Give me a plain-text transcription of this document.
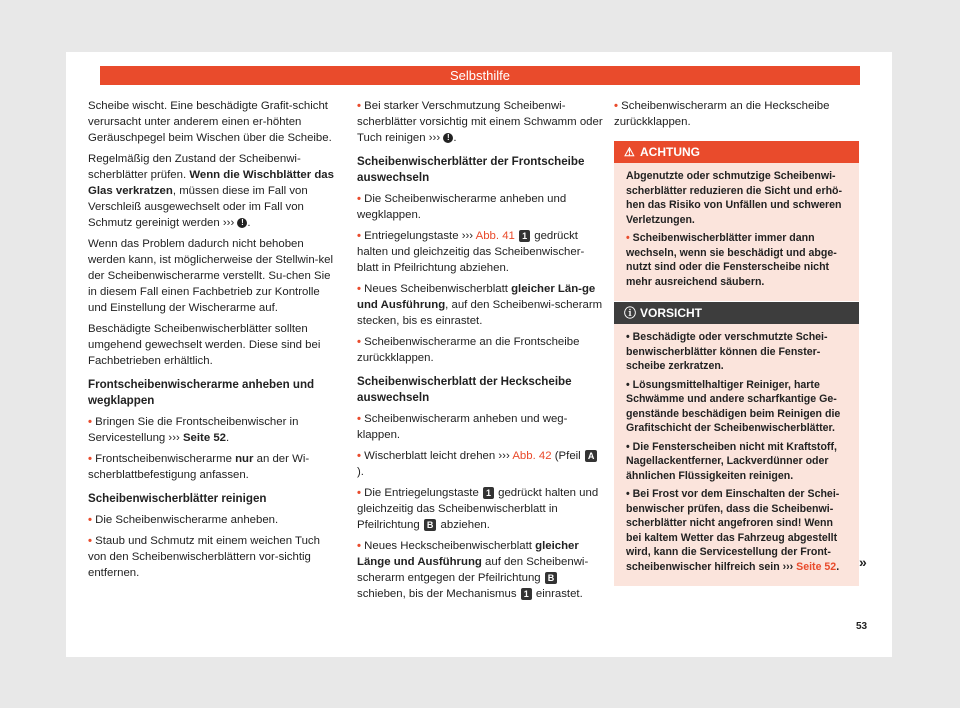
Selbsthilfe

Scheibe wischt. Eine beschädigte Grafit-schicht verursacht unter anderem einen er-höhten Geräuschpegel beim Wischen über die Scheibe.

Regelmäßig den Zustand der Scheibenwi-scherblätter prüfen. Wenn die Wischblätter das Glas verkratzen, müssen diese im Fall von Verschleiß ausgewechselt oder im Fall von Schmutz gereinigt werden ››› ! .

Wenn das Problem dadurch nicht behoben werden kann, ist möglicherweise der Stellwin-kel der Scheibenwischerarme verstellt. Su-chen Sie in diesem Fall einen Fachbetrieb zur Kontrolle und Einstellung der Wischerarme auf.

Beschädigte Scheibenwischerblätter sollten umgehend gewechselt werden. Diese sind bei Fachbetrieben erhältlich.

Frontscheibenwischerarme anheben und wegklappen

• Bringen Sie die Frontscheibenwischer in Servicestellung ››› Seite 52.

• Frontscheibenwischerarme nur an der Wi-scherblattbefestigung anfassen.

Scheibenwischerblätter reinigen

• Die Scheibenwischerarme anheben.

• Staub und Schmutz mit einem weichen Tuch von den Scheibenwischerblättern vor-sichtig entfernen.

• Bei starker Verschmutzung Scheibenwi-scherblätter vorsichtig mit einem Schwamm oder Tuch reinigen ››› ! .

Scheibenwischerblätter der Frontscheibe auswechseln

• Die Scheibenwischerarme anheben und wegklappen.

• Entriegelungstaste ››› Abb. 41 1 gedrückt halten und gleichzeitig das Scheibenwischer-blatt in Pfeilrichtung abziehen.

• Neues Scheibenwischerblatt gleicher Län-ge und Ausführung, auf den Scheibenwi-scherarm stecken, bis es einrastet.

• Scheibenwischerarme an die Frontscheibe zurückklappen.

Scheibenwischerblatt der Heckscheibe auswechseln

• Scheibenwischerarm anheben und weg-klappen.

• Wischerblatt leicht drehen ››› Abb. 42 (Pfeil A).

• Die Entriegelungstaste 1 gedrückt halten und gleichzeitig das Scheibenwischerblatt in Pfeilrichtung B abziehen.

• Neues Heckscheibenwischerblatt gleicher Länge und Ausführung auf den Scheibenwi-scherarm entgegen der Pfeilrichtung B schieben, bis der Mechanismus 1 einrastet.

• Scheibenwischerarm an die Heckscheibe zurückklappen.

⚠ ACHTUNG

Abgenutzte oder schmutzige Scheibenwi-scherblätter reduzieren die Sicht und erhö-hen das Risiko von Unfällen und schweren Verletzungen.

• Scheibenwischerblätter immer dann wechseln, wenn sie beschädigt und abge-nutzt sind oder die Fensterscheibe nicht mehr ausreichend säubern.

ⓘ VORSICHT

• Beschädigte oder verschmutzte Schei-benwischerblätter können die Fenster-scheibe zerkratzen.

• Lösungsmittelhaltiger Reiniger, harte Schwämme und andere scharfkantige Ge-genstände beschädigen beim Reinigen die Grafitschicht der Scheibenwischerblätter.

• Die Fensterscheiben nicht mit Kraftstoff, Nagellackentferner, Lackverdünner oder ähnlichen Flüssigkeiten reinigen.

• Bei Frost vor dem Einschalten der Schei-benwischer prüfen, dass die Scheibenwi-scherblätter nicht angefroren sind! Wenn bei kaltem Wetter das Fahrzeug abgestellt wird, kann die Servicestellung der Front-scheibenwischer hilfreich sein ››› Seite 52.	»
53
